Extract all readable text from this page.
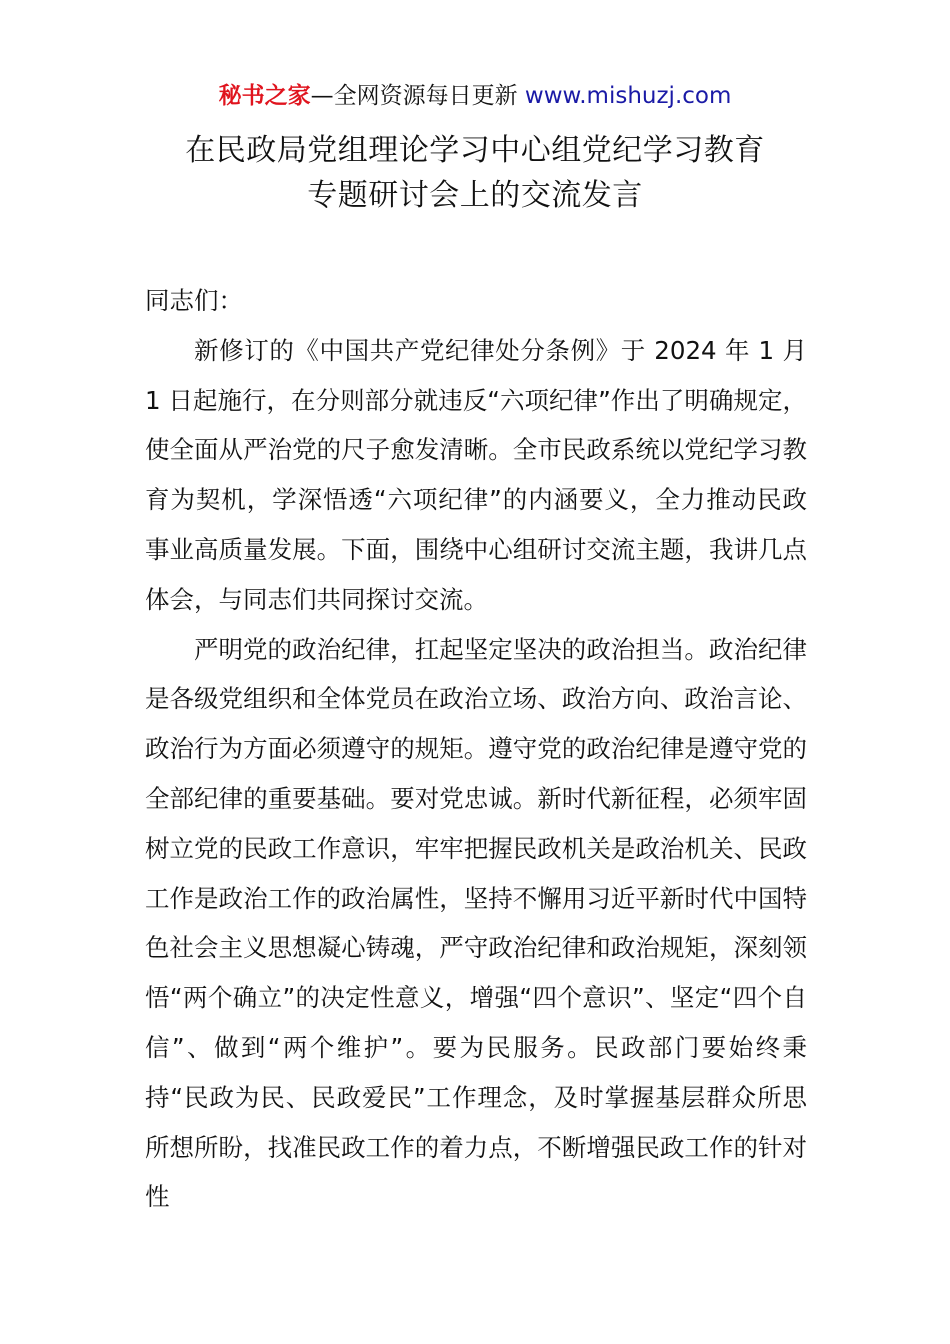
秘书之家—全网资源每日更新 www.mishuzj.com
在民政局党组理论学习中心组党纪学习教育
专题研讨会上的交流发言

同志们：

新修订的《中国共产党纪律处分条例》于 2024 年 1 月 1 日起施行，在分则部分就违反“六项纪律”作出了明确规定，使全面从严治党的尺子愈发清晰。全市民政系统以党纪学习教育为契机，学深悟透“六项纪律”的内涵要义，全力推动民政事业高质量发展。下面，围绕中心组研讨交流主题，我讲几点体会，与同志们共同探讨交流。

严明党的政治纪律，扛起坚定坚决的政治担当。政治纪律是各级党组织和全体党员在政治立场、政治方向、政治言论、政治行为方面必须遵守的规矩。遵守党的政治纪律是遵守党的全部纪律的重要基础。要对党忠诚。新时代新征程，必须牢固树立党的民政工作意识，牢牢把握民政机关是政治机关、民政工作是政治工作的政治属性，坚持不懈用习近平新时代中国特色社会主义思想凝心铸魂，严守政治纪律和政治规矩，深刻领悟“两个确立”的决定性意义，增强“四个意识”、坚定“四个自信”、做到“两个维护”。要为民服务。民政部门要始终秉持“民政为民、民政爱民”工作理念，及时掌握基层群众所思所想所盼，找准民政工作的着力点，不断增强民政工作的针对性
